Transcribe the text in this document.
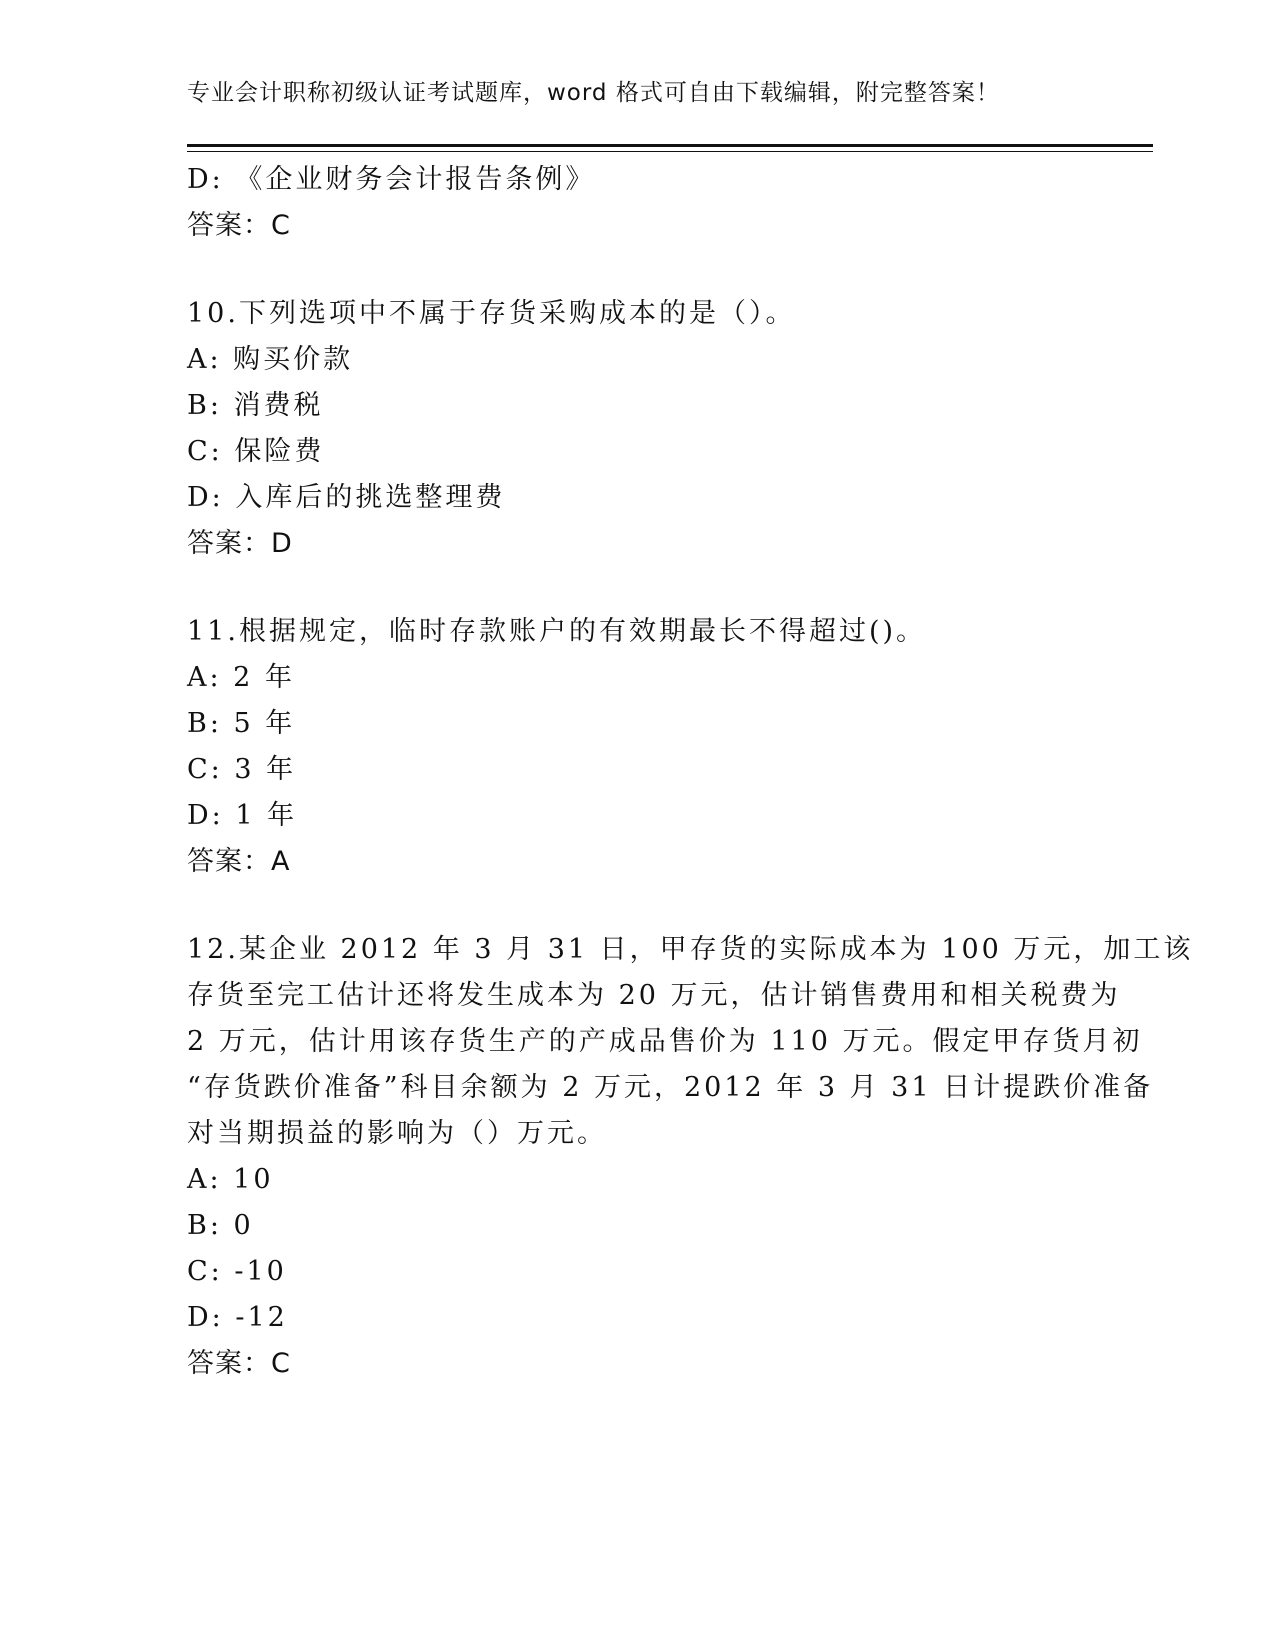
专业会计职称初级认证考试题库，word 格式可自由下载编辑，附完整答案！
D: 《企业财务会计报告条例》
答案：C
10.下列选项中不属于存货采购成本的是（）。
A: 购买价款
B: 消费税
C: 保险费
D: 入库后的挑选整理费
答案：D
11.根据规定，临时存款账户的有效期最长不得超过()。
A: 2 年
B: 5 年
C: 3 年
D: 1 年
答案：A
12.某企业 2012 年 3 月 31 日，甲存货的实际成本为 100 万元，加工该
存货至完工估计还将发生成本为 20 万元，估计销售费用和相关税费为
2 万元，估计用该存货生产的产成品售价为 110 万元。假定甲存货月初
“存货跌价准备”科目余额为 2 万元，2012 年 3 月 31 日计提跌价准备
对当期损益的影响为（）万元。
A: 10
B: 0
C: -10
D: -12
答案：C
